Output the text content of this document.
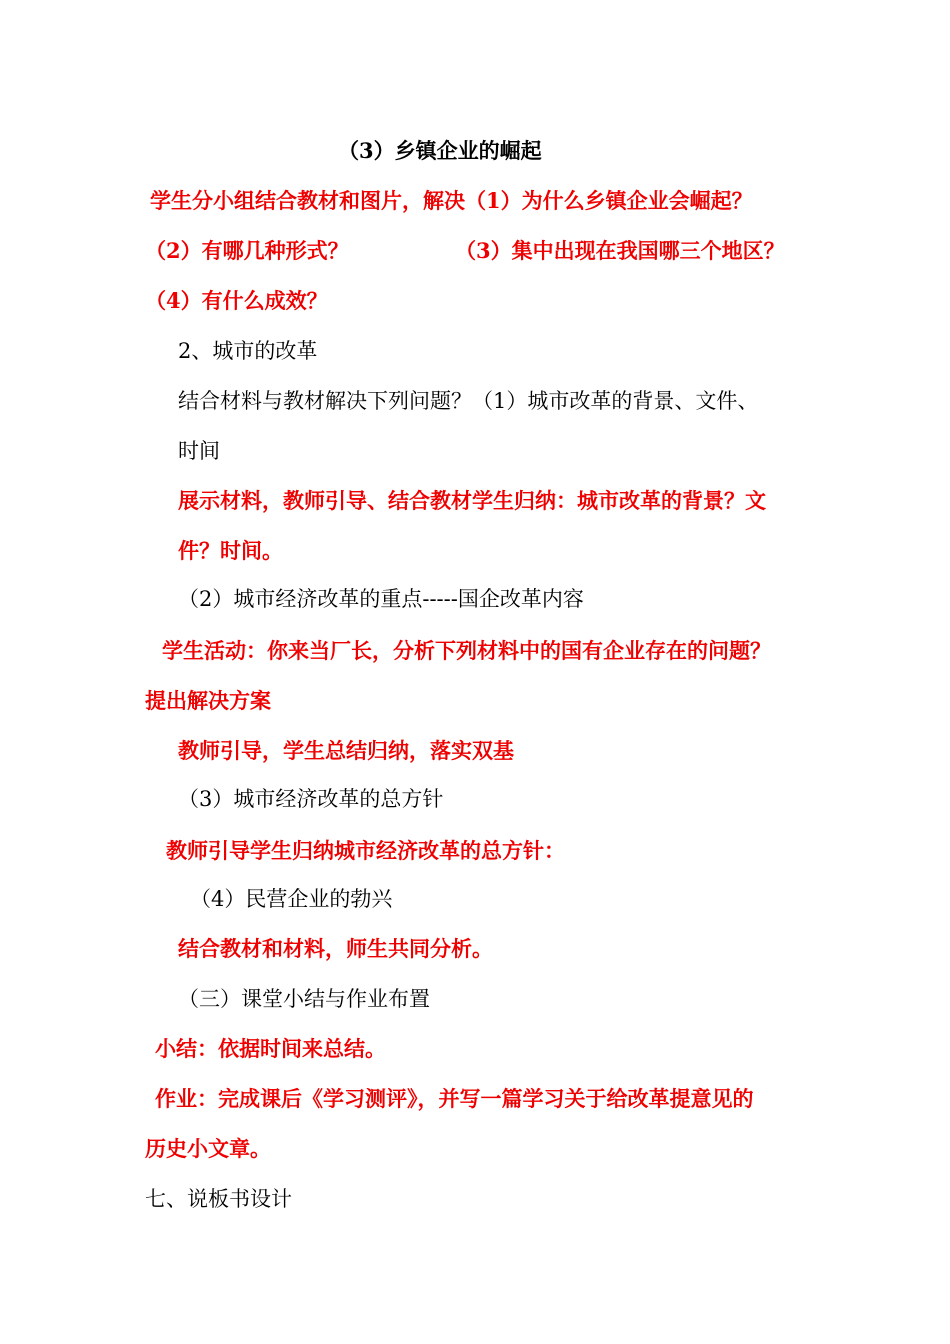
（3）乡镇企业的崛起
学生分小组结合教材和图片，解决（1）为什么乡镇企业会崛起？
（2）有哪几种形式？	（3）集中出现在我国哪三个地区？
（4）有什么成效？
2、城市的改革
结合材料与教材解决下列问题？（1）城市改革的背景、文件、
时间
展示材料，教师引导、结合教材学生归纳：城市改革的背景？文
件？时间。
（2）城市经济改革的重点-----国企改革内容
学生活动：你来当厂长，分析下列材料中的国有企业存在的问题？
提出解决方案
教师引导，学生总结归纳，落实双基
（3）城市经济改革的总方针
教师引导学生归纳城市经济改革的总方针：
（4）民营企业的勃兴
结合教材和材料，师生共同分析。
（三）课堂小结与作业布置
小结：依据时间来总结。
作业：完成课后《学习测评》，并写一篇学习关于给改革提意见的
历史小文章。
七、说板书设计
